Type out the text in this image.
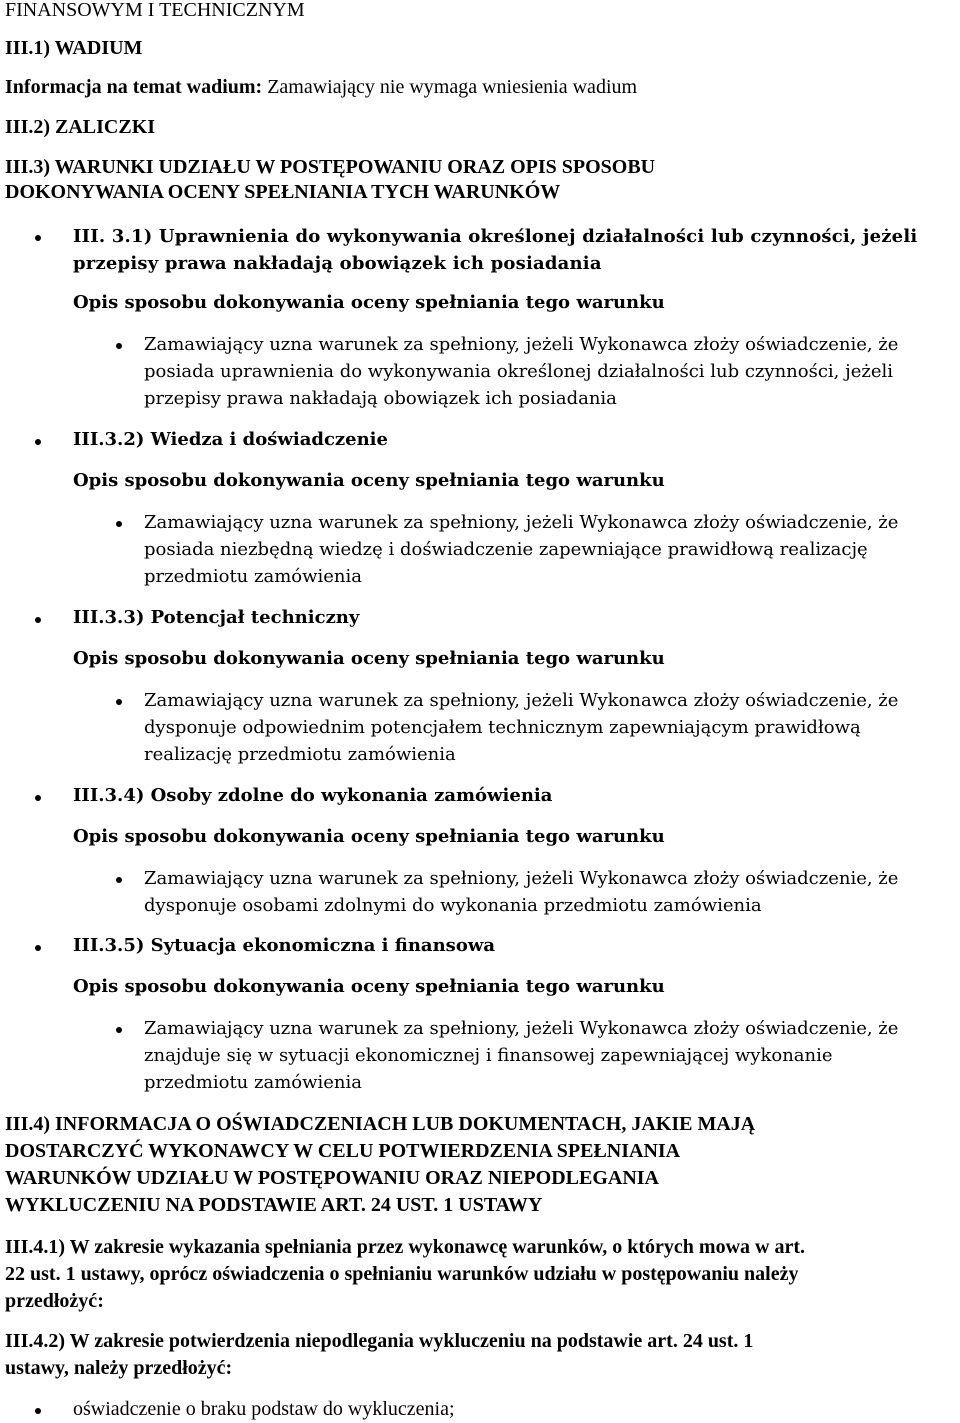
FINANSOWYM I TECHNICZNYM
III.1) WADIUM
Informacja na temat wadium: Zamawiający nie wymaga wniesienia wadium
III.2) ZALICZKI
III.3) WARUNKI UDZIAŁU W POSTĘPOWANIU ORAZ OPIS SPOSOBU
DOKONYWANIA OCENY SPEŁNIANIA TYCH WARUNKÓW
III. 3.1) Uprawnienia do wykonywania określonej działalności lub czynności, jeżeli
przepisy prawa nakładają obowiązek ich posiadania
Opis sposobu dokonywania oceny spełniania tego warunku
Zamawiający uzna warunek za spełniony, jeżeli Wykonawca złoży oświadczenie, że
posiada uprawnienia do wykonywania określonej działalności lub czynności, jeżeli
przepisy prawa nakładają obowiązek ich posiadania
III.3.2) Wiedza i doświadczenie
Opis sposobu dokonywania oceny spełniania tego warunku
Zamawiający uzna warunek za spełniony, jeżeli Wykonawca złoży oświadczenie, że
posiada niezbędną wiedzę i doświadczenie zapewniające prawidłową realizację
przedmiotu zamówienia
III.3.3) Potencjał techniczny
Opis sposobu dokonywania oceny spełniania tego warunku
Zamawiający uzna warunek za spełniony, jeżeli Wykonawca złoży oświadczenie, że
dysponuje odpowiednim potencjałem technicznym zapewniającym prawidłową
realizację przedmiotu zamówienia
III.3.4) Osoby zdolne do wykonania zamówienia
Opis sposobu dokonywania oceny spełniania tego warunku
Zamawiający uzna warunek za spełniony, jeżeli Wykonawca złoży oświadczenie, że
dysponuje osobami zdolnymi do wykonania przedmiotu zamówienia
III.3.5) Sytuacja ekonomiczna i finansowa
Opis sposobu dokonywania oceny spełniania tego warunku
Zamawiający uzna warunek za spełniony, jeżeli Wykonawca złoży oświadczenie, że
znajduje się w sytuacji ekonomicznej i finansowej zapewniającej wykonanie
przedmiotu zamówienia
III.4) INFORMACJA O OŚWIADCZENIACH LUB DOKUMENTACH, JAKIE MAJĄ
DOSTARCZYĆ WYKONAWCY W CELU POTWIERDZENIA SPEŁNIANIA
WARUNKÓW UDZIAŁU W POSTĘPOWANIU ORAZ NIEPODLEGANIA
WYKLUCZENIU NA PODSTAWIE ART. 24 UST. 1 USTAWY
III.4.1) W zakresie wykazania spełniania przez wykonawcę warunków, o których mowa w art.
22 ust. 1 ustawy, oprócz oświadczenia o spełnianiu warunków udziału w postępowaniu należy
przedłożyć:
III.4.2) W zakresie potwierdzenia niepodlegania wykluczeniu na podstawie art. 24 ust. 1
ustawy, należy przedłożyć:
oświadczenie o braku podstaw do wykluczenia;
